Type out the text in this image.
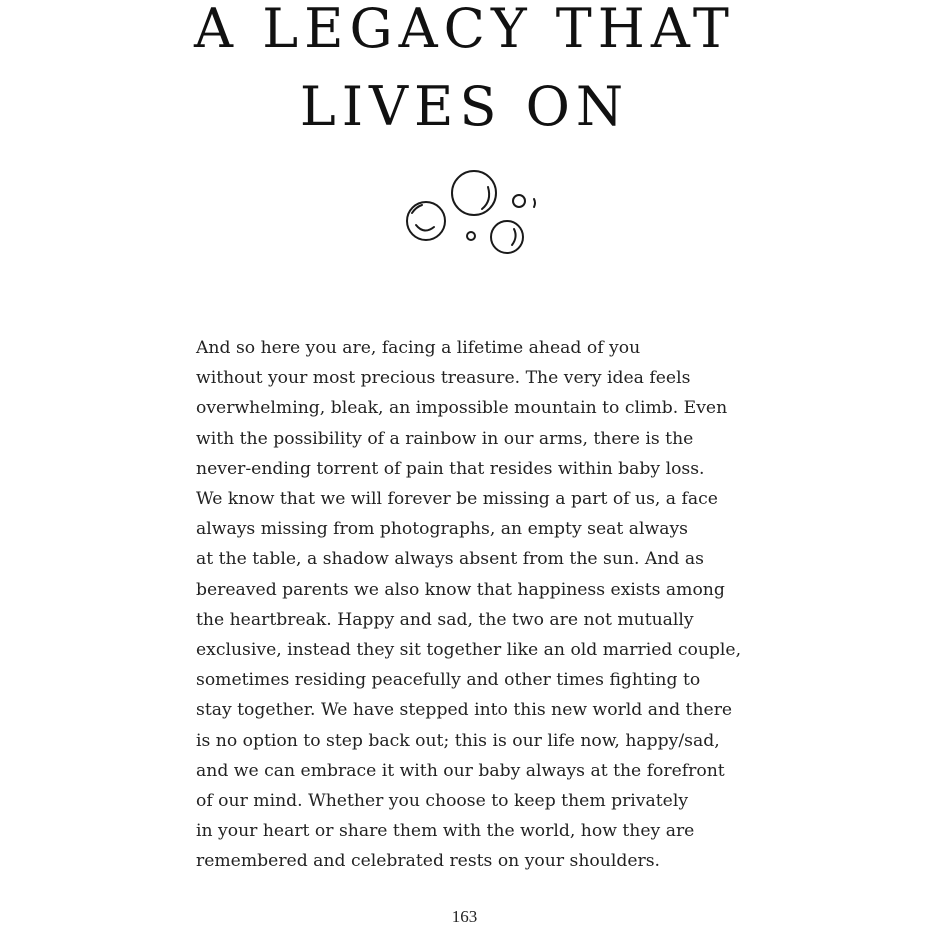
A LEGACY THAT
LIVES ON
And so here you are, facing a lifetime ahead of you
without your most precious treasure. The very idea feels
overwhelming, bleak, an impossible mountain to climb. Even
with the possibility of a rainbow in our arms, there is the
never-ending torrent of pain that resides within baby loss.
We know that we will forever be missing a part of us, a face
always missing from photographs, an empty seat always
at the table, a shadow always absent from the sun. And as
bereaved parents we also know that happiness exists among
the heartbreak. Happy and sad, the two are not mutually
exclusive, instead they sit together like an old married couple,
sometimes residing peacefully and other times fighting to
stay together. We have stepped into this new world and there
is no option to step back out; this is our life now, happy/sad,
and we can embrace it with our baby always at the forefront
of our mind. Whether you choose to keep them privately
in your heart or share them with the world, how they are
remembered and celebrated rests on your shoulders.
163
